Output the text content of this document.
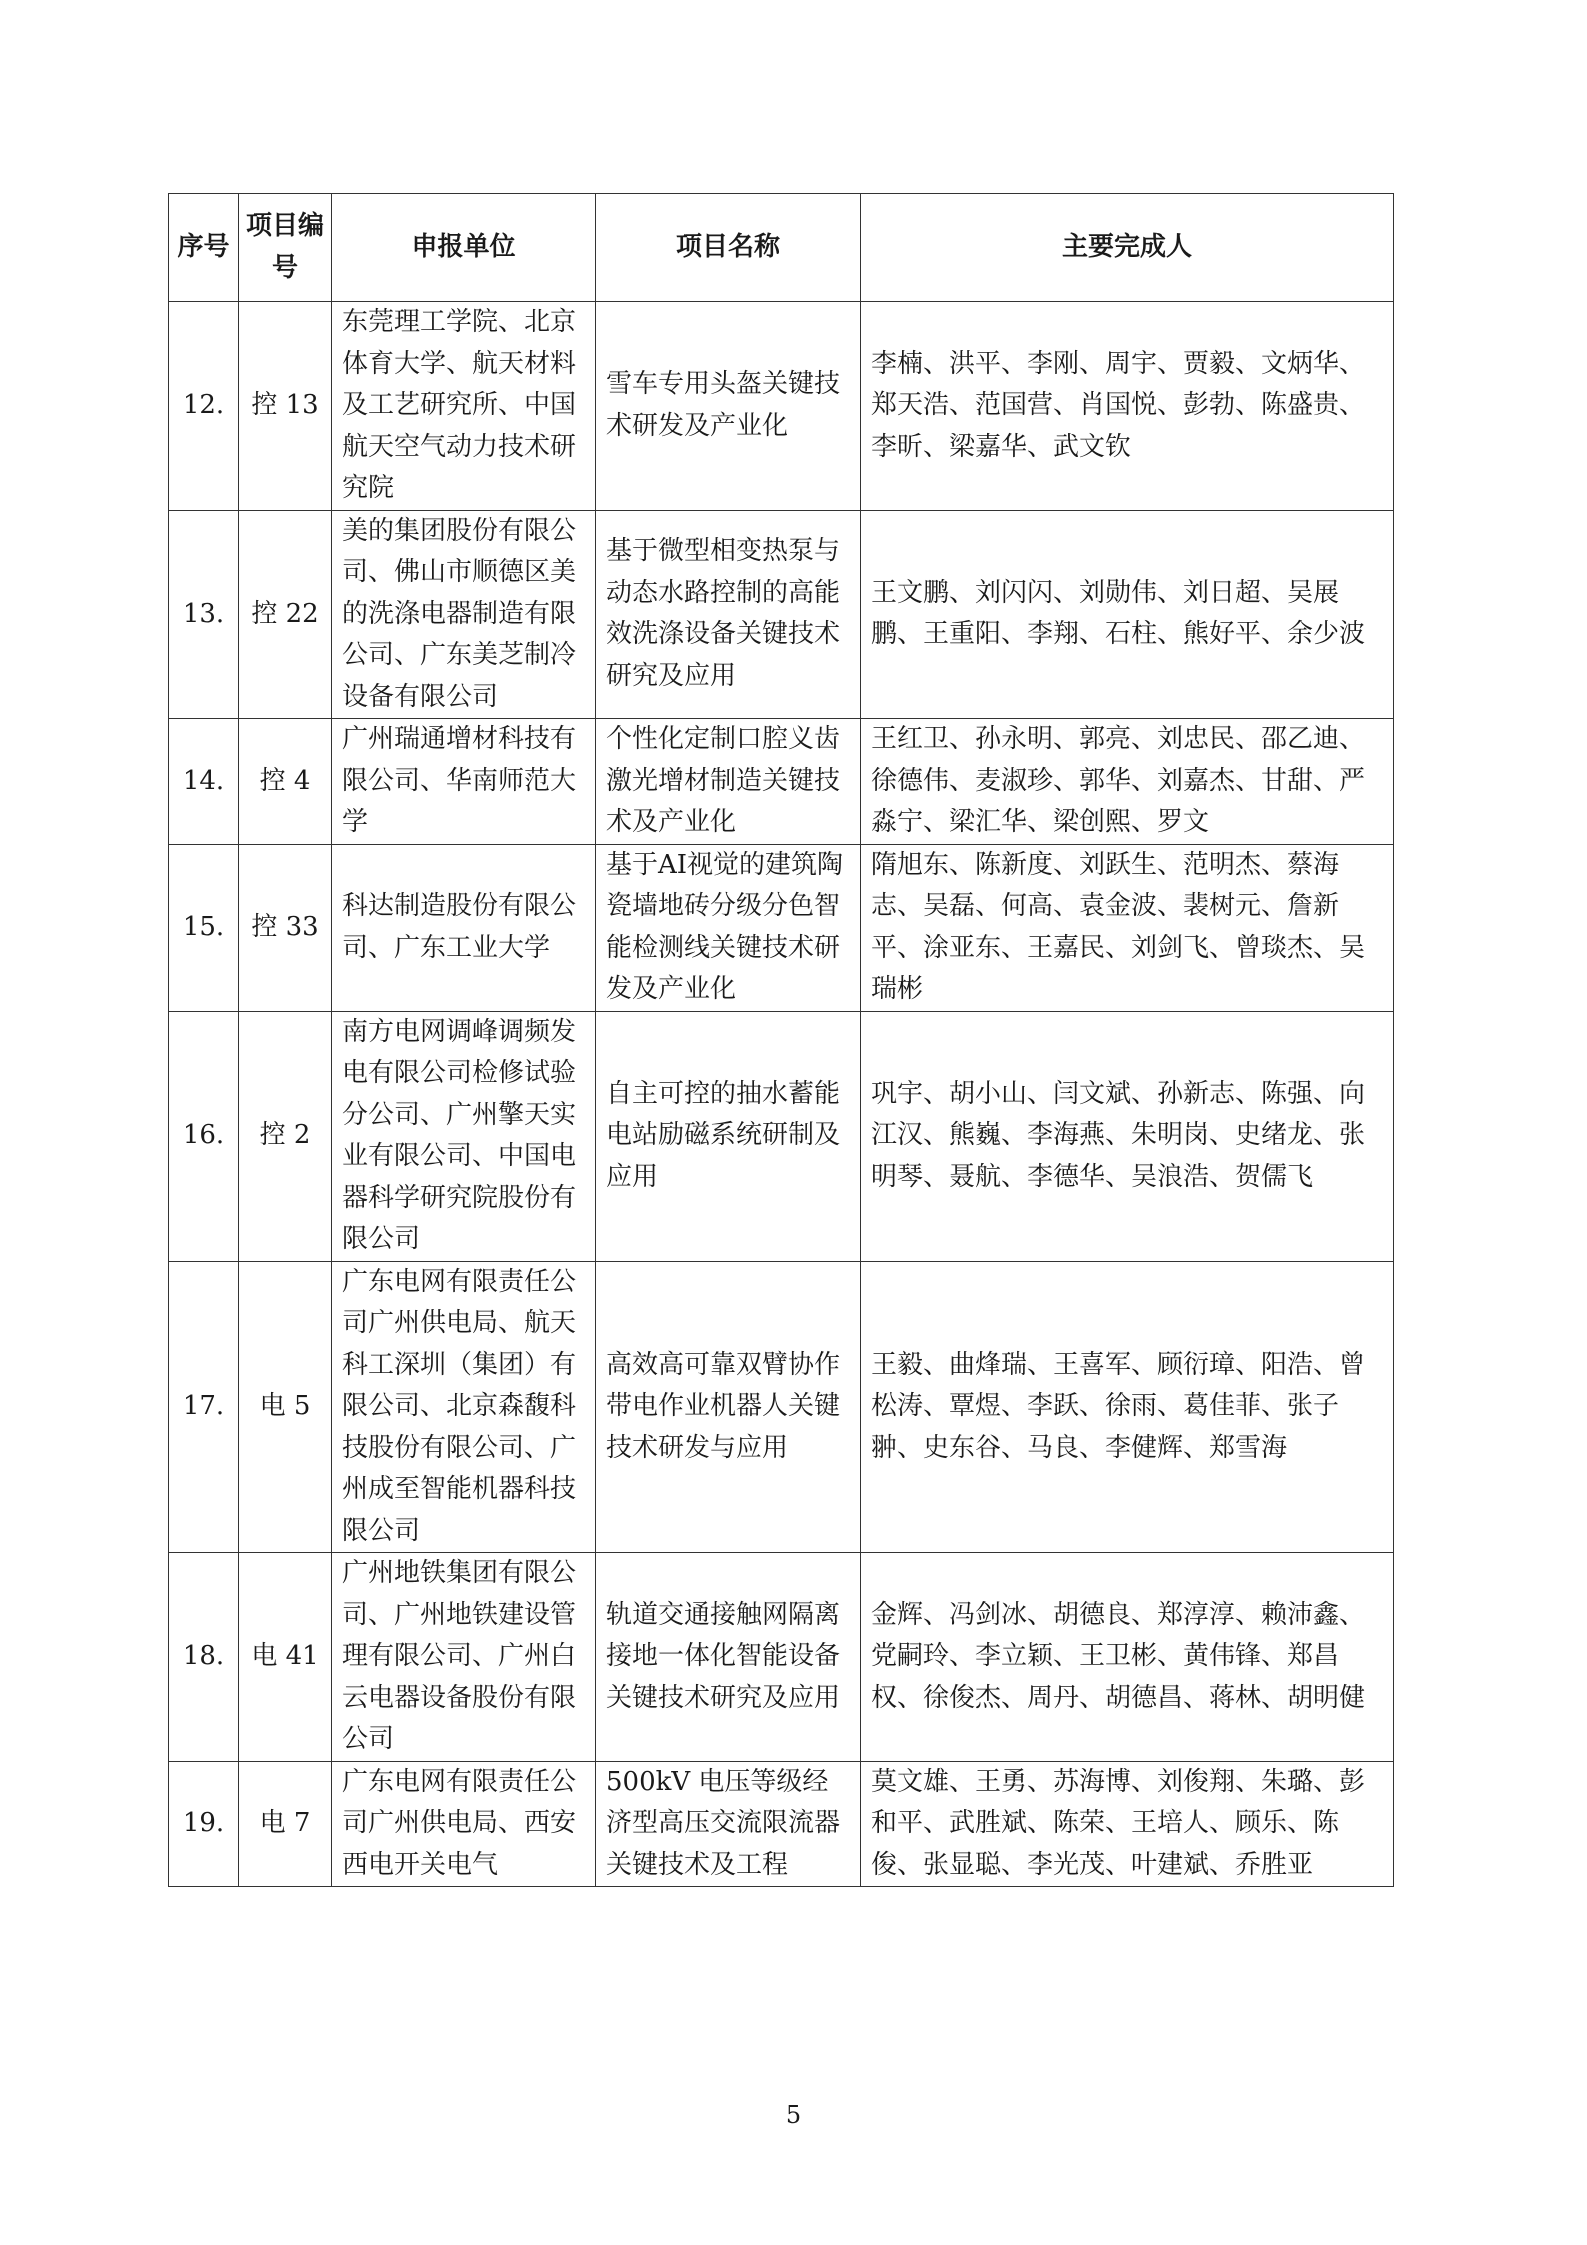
序号	项目编号	申报单位	项目名称	主要完成人
12.	控 13	东莞理工学院、北京体育大学、航天材料及工艺研究所、中国航天空气动力技术研究院	雪车专用头盔关键技术研发及产业化	李楠、洪平、李刚、周宇、贾毅、文炳华、郑天浩、范国营、肖国悦、彭勃、陈盛贵、李昕、梁嘉华、武文钦
13.	控 22	美的集团股份有限公司、佛山市顺德区美的洗涤电器制造有限公司、广东美芝制冷设备有限公司	基于微型相变热泵与动态水路控制的高能效洗涤设备关键技术研究及应用	王文鹏、刘闪闪、刘勋伟、刘日超、吴展鹏、王重阳、李翔、石柱、熊好平、余少波
14.	控 4	广州瑞通增材科技有限公司、华南师范大学	个性化定制口腔义齿激光增材制造关键技术及产业化	王红卫、孙永明、郭亮、刘忠民、邵乙迪、徐德伟、麦淑珍、郭华、刘嘉杰、甘甜、严淼宁、梁汇华、梁创熙、罗文
15.	控 33	科达制造股份有限公司、广东工业大学	基于AI视觉的建筑陶瓷墙地砖分级分色智能检测线关键技术研发及产业化	隋旭东、陈新度、刘跃生、范明杰、蔡海志、吴磊、何高、袁金波、裴树元、詹新平、涂亚东、王嘉民、刘剑飞、曾琰杰、吴瑞彬
16.	控 2	南方电网调峰调频发电有限公司检修试验分公司、广州擎天实业有限公司、中国电器科学研究院股份有限公司	自主可控的抽水蓄能电站励磁系统研制及应用	巩宇、胡小山、闫文斌、孙新志、陈强、向江汉、熊巍、李海燕、朱明岗、史绪龙、张明琴、聂航、李德华、吴浪浩、贺儒飞
17.	电 5	广东电网有限责任公司广州供电局、航天科工深圳（集团）有限公司、北京森馥科技股份有限公司、广州成至智能机器科技限公司	高效高可靠双臂协作带电作业机器人关键技术研发与应用	王毅、曲烽瑞、王喜军、顾衍璋、阳浩、曾松涛、覃煜、李跃、徐雨、葛佳菲、张子翀、史东谷、马良、李健辉、郑雪海
18.	电 41	广州地铁集团有限公司、广州地铁建设管理有限公司、广州白云电器设备股份有限公司	轨道交通接触网隔离接地一体化智能设备关键技术研究及应用	金辉、冯剑冰、胡德良、郑淳淳、赖沛鑫、党嗣玲、李立颖、王卫彬、黄伟锋、郑昌权、徐俊杰、周丹、胡德昌、蒋林、胡明健
19.	电 7	广东电网有限责任公司广州供电局、西安西电开关电气	500kV 电压等级经济型高压交流限流器关键技术及工程	莫文雄、王勇、苏海博、刘俊翔、朱璐、彭和平、武胜斌、陈荣、王培人、顾乐、陈俊、张显聪、李光茂、叶建斌、乔胜亚
5
